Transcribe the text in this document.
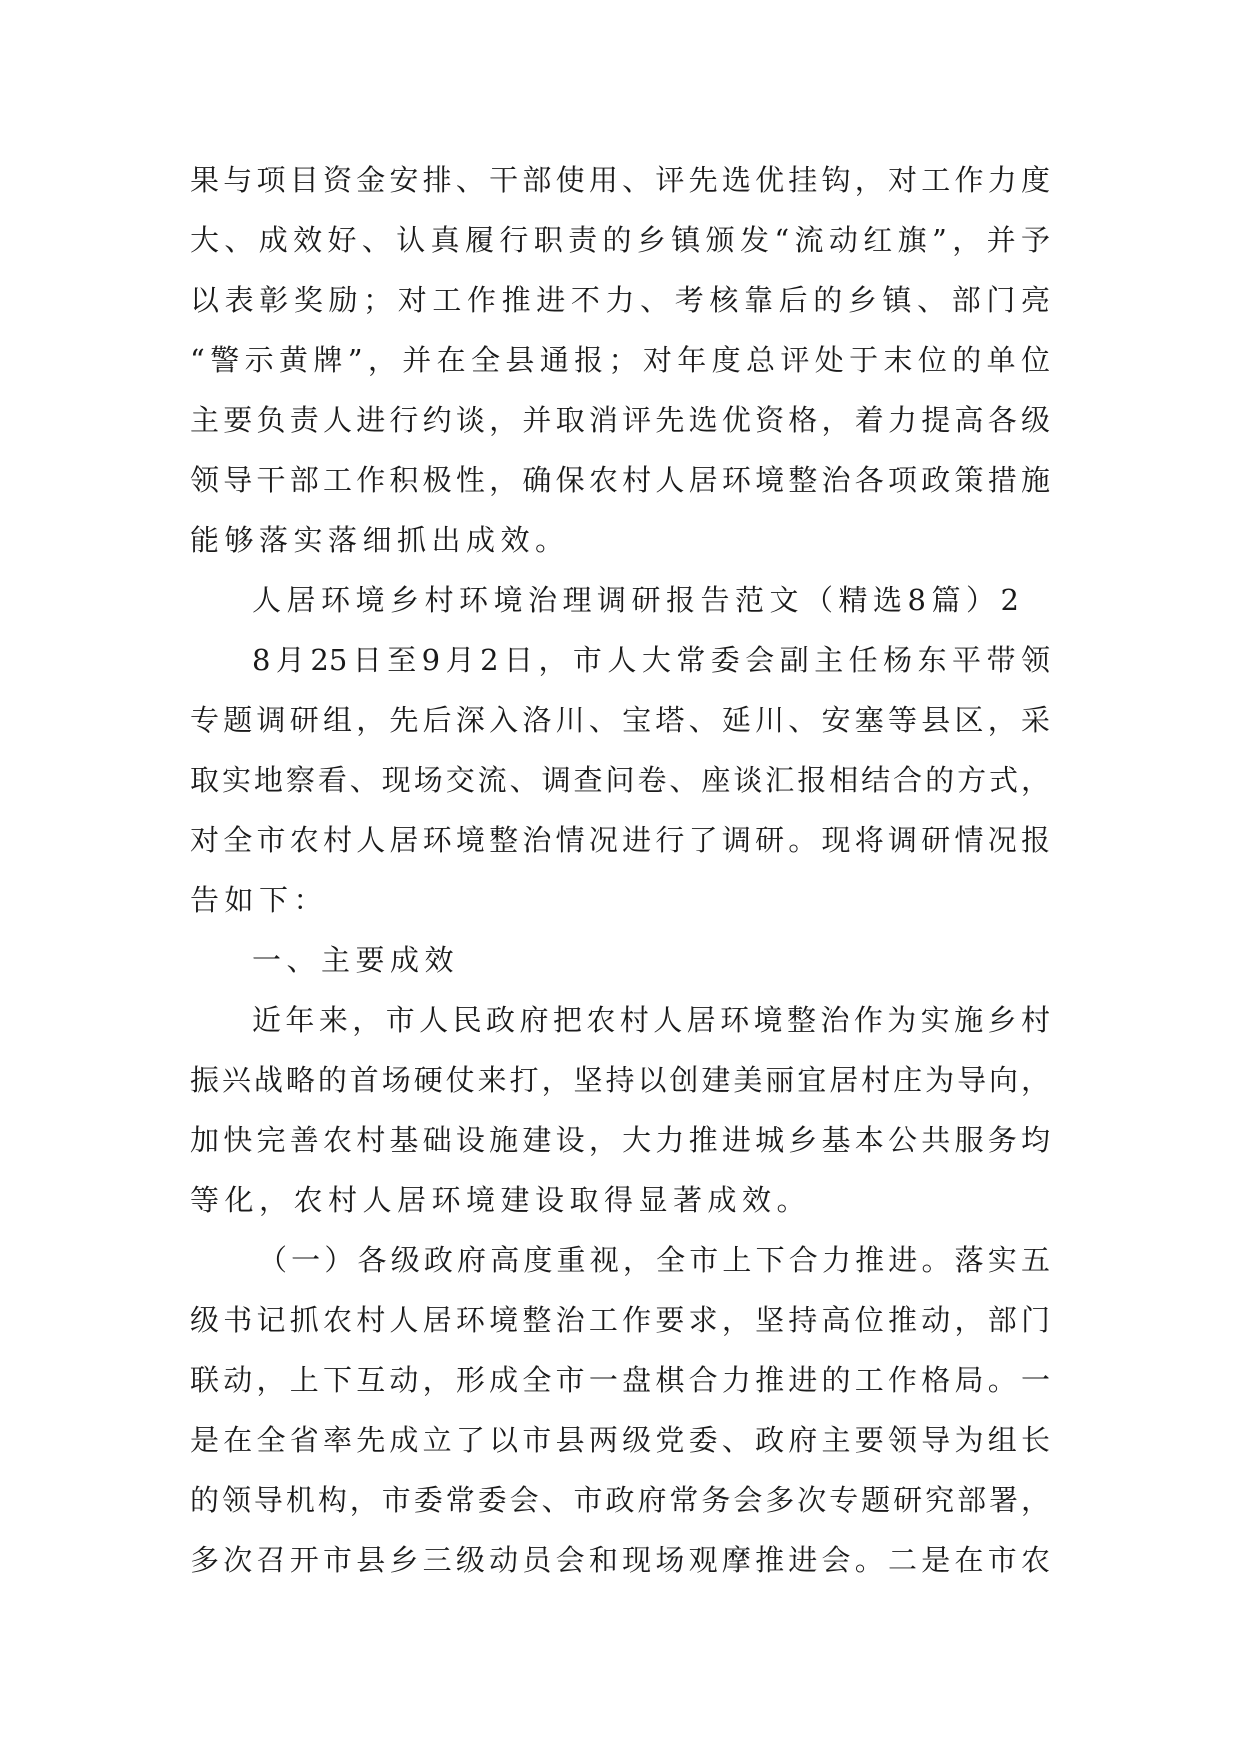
果与项目资金安排、干部使用、评先选优挂钩，对工作力度
大、成效好、认真履行职责的乡镇颁发“流动红旗”，并予
以表彰奖励；对工作推进不力、考核靠后的乡镇、部门亮
“警示黄牌”，并在全县通报；对年度总评处于末位的单位
主要负责人进行约谈，并取消评先选优资格，着力提高各级
领导干部工作积极性，确保农村人居环境整治各项政策措施
能够落实落细抓出成效。
人居环境乡村环境治理调研报告范文（精选8篇）2
8月25日至9月2日，市人大常委会副主任杨东平带领
专题调研组，先后深入洛川、宝塔、延川、安塞等县区，采
取实地察看、现场交流、调查问卷、座谈汇报相结合的方式，
对全市农村人居环境整治情况进行了调研。现将调研情况报
告如下：
一、主要成效
近年来，市人民政府把农村人居环境整治作为实施乡村
振兴战略的首场硬仗来打，坚持以创建美丽宜居村庄为导向，
加快完善农村基础设施建设，大力推进城乡基本公共服务均
等化，农村人居环境建设取得显著成效。
（一）各级政府高度重视，全市上下合力推进。落实五
级书记抓农村人居环境整治工作要求，坚持高位推动，部门
联动，上下互动，形成全市一盘棋合力推进的工作格局。一
是在全省率先成立了以市县两级党委、政府主要领导为组长
的领导机构，市委常委会、市政府常务会多次专题研究部署，
多次召开市县乡三级动员会和现场观摩推进会。二是在市农
